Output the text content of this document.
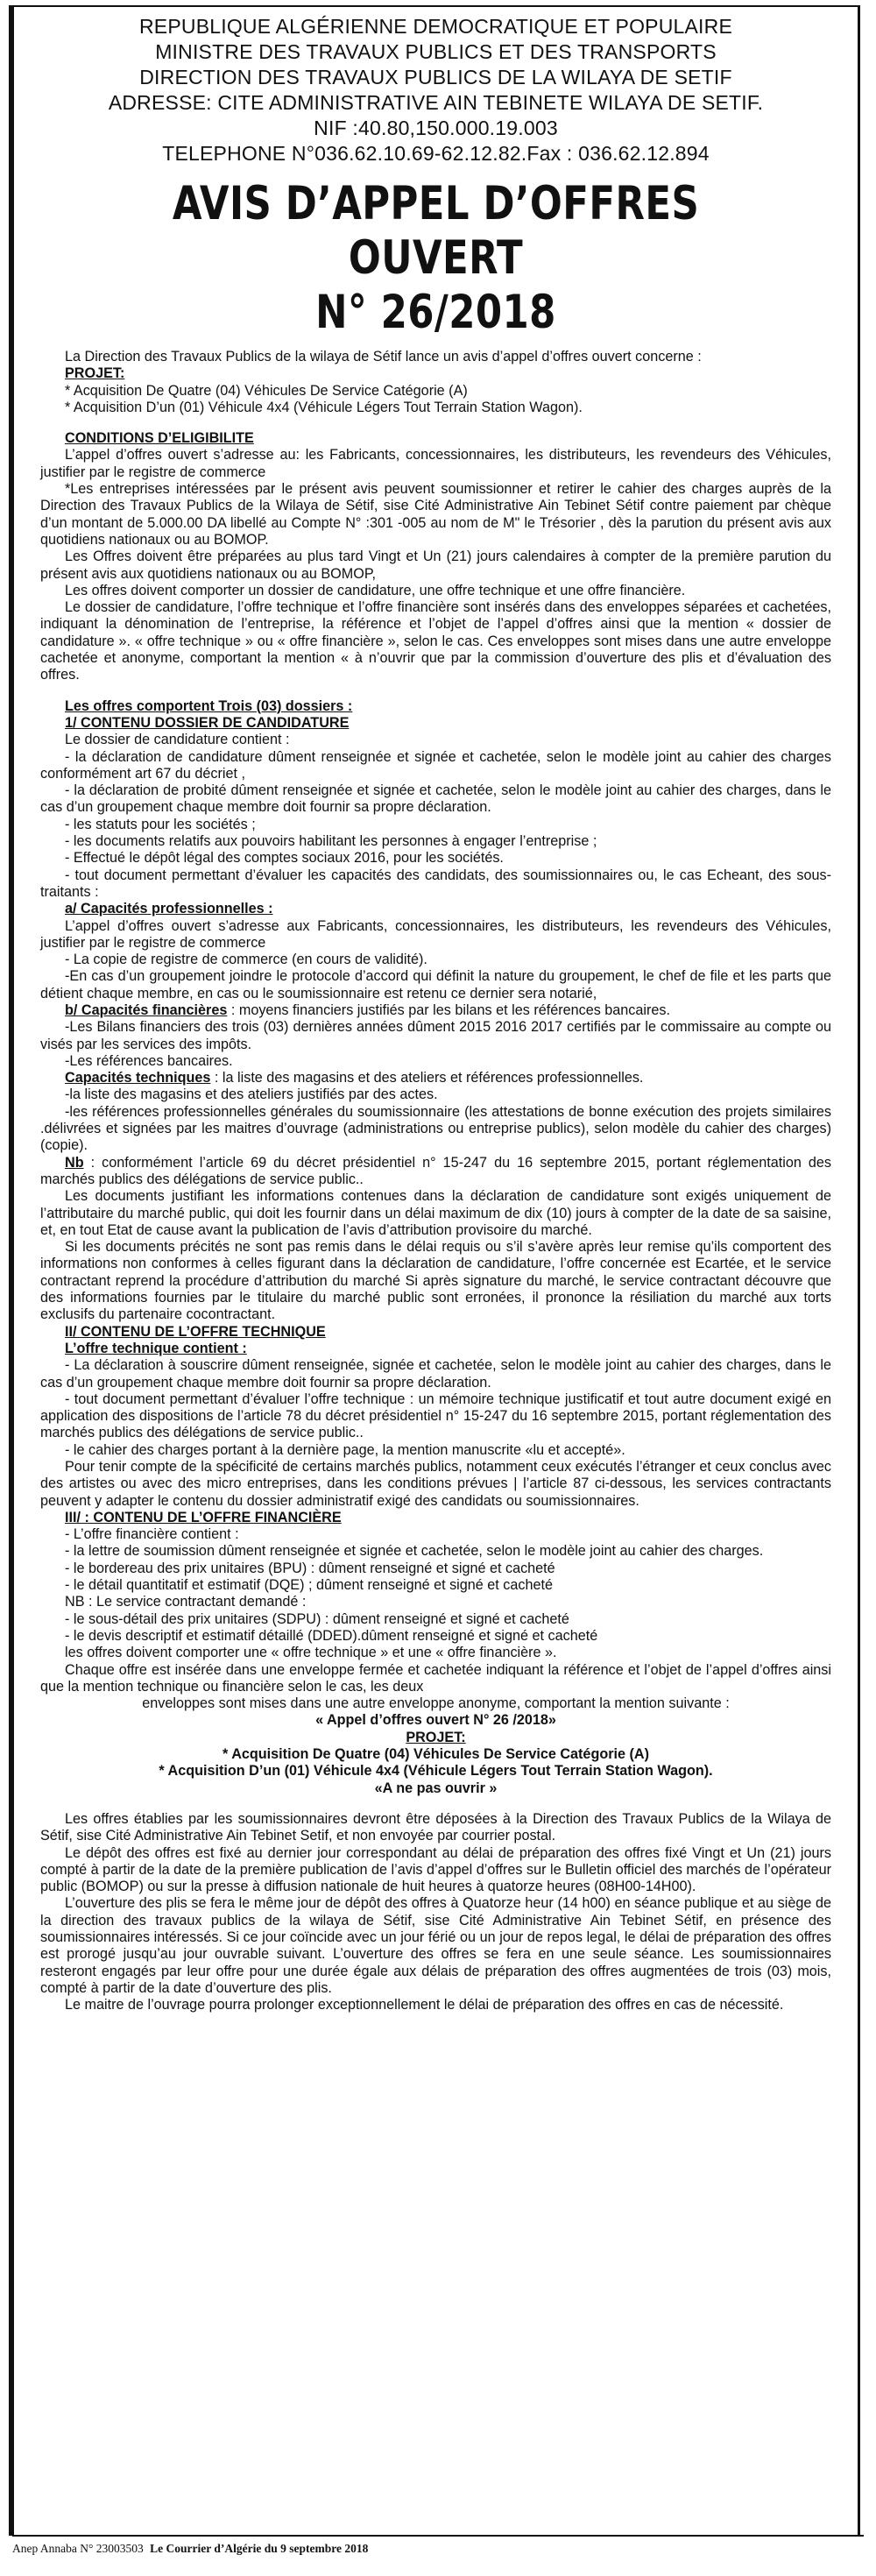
REPUBLIQUE ALGÉRIENNE DEMOCRATIQUE ET POPULAIRE
MINISTRE DES TRAVAUX PUBLICS ET DES TRANSPORTS
DIRECTION DES TRAVAUX PUBLICS DE LA WILAYA DE SETIF
ADRESSE: CITE ADMINISTRATIVE AIN TEBINETE WILAYA DE SETIF.
NIF :40.80,150.000.19.003
TELEPHONE N°036.62.10.69-62.12.82.Fax : 036.62.12.894
AVIS D’APPEL D’OFFRES OUVERT
N° 26/2018

La Direction des Travaux Publics de la wilaya de Sétif lance un avis d’appel d’offres ouvert concerne :

PROJET:

* Acquisition De Quatre (04) Véhicules De Service Catégorie (A)

* Acquisition D’un (01) Véhicule 4x4 (Véhicule Légers Tout Terrain Station Wagon).

CONDITIONS D’ELIGIBILITE

L’appel d’offres ouvert s’adresse au: les Fabricants, concessionnaires, les distributeurs, les revendeurs des Véhicules, justifier par le registre de commerce

*Les entreprises intéressées par le présent avis peuvent soumissionner et retirer le cahier des charges auprès de la Direction des Travaux Publics de la Wilaya de Sétif, sise Cité Administrative Ain Tebinet Sétif contre paiement par chèque d’un montant de 5.000.00 DA libellé au Compte N° :301 -005 au nom de M" le Trésorier , dès la parution du présent avis aux quotidiens nationaux ou au BOMOP.

Les Offres doivent être préparées au plus tard Vingt et Un (21) jours calendaires à compter de la première parution du présent avis aux quotidiens nationaux ou au BOMOP,

Les offres doivent comporter un dossier de candidature, une offre technique et une offre financière.

Le dossier de candidature, l’offre technique et l’offre financière sont insérés dans des enveloppes séparées et cachetées, indiquant la dénomination de l’entreprise, la référence et l’objet de l’appel d’offres ainsi que la mention « dossier de candidature ». « offre technique » ou « offre financière », selon le cas. Ces enveloppes sont mises dans une autre enveloppe cachetée et anonyme, comportant la mention « à n’ouvrir que par la commission d’ouverture des plis et d’évaluation des offres.

Les offres comportent Trois (03) dossiers :

1/ CONTENU DOSSIER DE CANDIDATURE

Le dossier de candidature contient :

- la déclaration de candidature dûment renseignée et signée et cachetée, selon le modèle joint au cahier des charges conformément art 67 du décriet ,

- la déclaration de probité dûment renseignée et signée et cachetée, selon le modèle joint au cahier des charges, dans le cas d’un groupement chaque membre doit fournir sa propre déclaration.

- les statuts pour les sociétés ;

- les documents relatifs aux pouvoirs habilitant les personnes à engager l’entreprise ;

- Effectué le dépôt légal des comptes sociaux 2016, pour les sociétés.

- tout document permettant d’évaluer les capacités des candidats, des soumissionnaires ou, le cas Echeant, des sous-traitants :

a/ Capacités professionnelles :

L’appel d’offres ouvert s’adresse aux Fabricants, concessionnaires, les distributeurs, les revendeurs des Véhicules, justifier par le registre de commerce

- La copie de registre de commerce (en cours de validité).

-En cas d’un groupement joindre le protocole d’accord qui définit la nature du groupement, le chef de file et les parts que détient chaque membre, en cas ou le soumissionnaire est retenu ce dernier sera notarié,

b/ Capacités financières : moyens financiers justifiés par les bilans et les références bancaires.

-Les Bilans financiers des trois (03) dernières années dûment 2015 2016 2017 certifiés par le commissaire au compte ou visés par les services des impôts.

-Les références bancaires.

Capacités techniques : la liste des magasins et des ateliers et références professionnelles.

-la liste des magasins et des ateliers justifiés par des actes.

-les références professionnelles générales du soumissionnaire (les attestations de bonne exécution des projets similaires .délivrées et signées par les maitres d’ouvrage (administrations ou entreprise publics), selon modèle du cahier des charges) (copie).

Nb : conformément l’article 69 du décret présidentiel n° 15-247 du 16 septembre 2015, portant réglementation des marchés publics des délégations de service public..

Les documents justifiant les informations contenues dans la déclaration de candidature sont exigés uniquement de l’attributaire du marché public, qui doit les fournir dans un délai maximum de dix (10) jours à compter de la date de sa saisine, et, en tout Etat de cause avant la publication de l’avis d’attribution provisoire du marché.

Si les documents précités ne sont pas remis dans le délai requis ou s’il s’avère après leur remise qu’ils comportent des informations non conformes à celles figurant dans la déclaration de candidature, l’offre concernée est Ecartée, et le service contractant reprend la procédure d’attribution du marché Si après signature du marché, le service contractant découvre que des informations fournies par le titulaire du marché public sont erronées, il prononce la résiliation du marché aux torts exclusifs du partenaire cocontractant.

II/ CONTENU DE L’OFFRE TECHNIQUE

L’offre technique contient :

- La déclaration à souscrire dûment renseignée, signée et cachetée, selon le modèle joint au cahier des charges, dans le cas d’un groupement chaque membre doit fournir sa propre déclaration.

- tout document permettant d’évaluer l’offre technique : un mémoire technique justificatif et tout autre document exigé en application des dispositions de l’article 78 du décret présidentiel n° 15-247 du 16 septembre 2015, portant réglementation des marchés publics des délégations de service public..

- le cahier des charges portant à la dernière page, la mention manuscrite «lu et accepté».

Pour tenir compte de la spécificité de certains marchés publics, notamment ceux exécutés l’étranger et ceux conclus avec des artistes ou avec des micro entreprises, dans les conditions prévues | l’article 87 ci-dessous, les services contractants peuvent y adapter le contenu du dossier administratif exigé des candidats ou soumissionnaires.

III/ : CONTENU DE L’OFFRE FINANCIÈRE

- L’offre financière contient :

- la lettre de soumission dûment renseignée et signée et cachetée, selon le modèle joint au cahier des charges.

- le bordereau des prix unitaires (BPU) : dûment renseigné et signé et cacheté

- le détail quantitatif et estimatif (DQE) ; dûment renseigné et signé et cacheté

NB : Le service contractant demandé :

- le sous-détail des prix unitaires (SDPU) : dûment renseigné et signé et cacheté

- le devis descriptif et estimatif détaillé (DDED).dûment renseigné et signé et cacheté

les offres doivent comporter une « offre technique » et une « offre financière ».

Chaque offre est insérée dans une enveloppe fermée et cachetée indiquant la référence et l’objet de l’appel d’offres ainsi que la mention technique ou financière selon le cas, les deux

enveloppes sont mises dans une autre enveloppe anonyme, comportant la mention suivante :

« Appel d’offres ouvert N° 26 /2018»
PROJET:
* Acquisition De Quatre (04) Véhicules De Service Catégorie (A)
* Acquisition D’un (01) Véhicule 4x4 (Véhicule Légers Tout Terrain Station Wagon).
«A ne pas ouvrir »

Les offres établies par les soumissionnaires devront être déposées à la Direction des Travaux Publics de la Wilaya de Sétif, sise Cité Administrative Ain Tebinet Setif, et non envoyée par courrier postal.

Le dépôt des offres est fixé au dernier jour correspondant au délai de préparation des offres fixé Vingt et Un (21) jours compté à partir de la date de la première publication de l’avis d’appel d’offres sur le Bulletin officiel des marchés de l’opérateur public (BOMOP) ou sur la presse à diffusion nationale de huit heures à quatorze heures (08H00-14H00).

L’ouverture des plis se fera le même jour de dépôt des offres à Quatorze heur (14 h00) en séance publique et au siège de la direction des travaux publics de la wilaya de Sétif, sise Cité Administrative Ain Tebinet Sétif, en présence des soumissionnaires intéressés. Si ce jour coïncide avec un jour férié ou un jour de repos legal, le délai de préparation des offres est prorogé jusqu’au jour ouvrable suivant. L’ouverture des offres se fera en une seule séance. Les soumissionnaires resteront engagés par leur offre pour une durée égale aux délais de préparation des offres augmentées de trois (03) mois, compté à partir de la date d’ouverture des plis.

Le maitre de l’ouvrage pourra prolonger exceptionnellement le délai de préparation des offres en cas de nécessité.

Anep Annaba N° 23003503 Le Courrier d’Algérie du 9 septembre 2018
